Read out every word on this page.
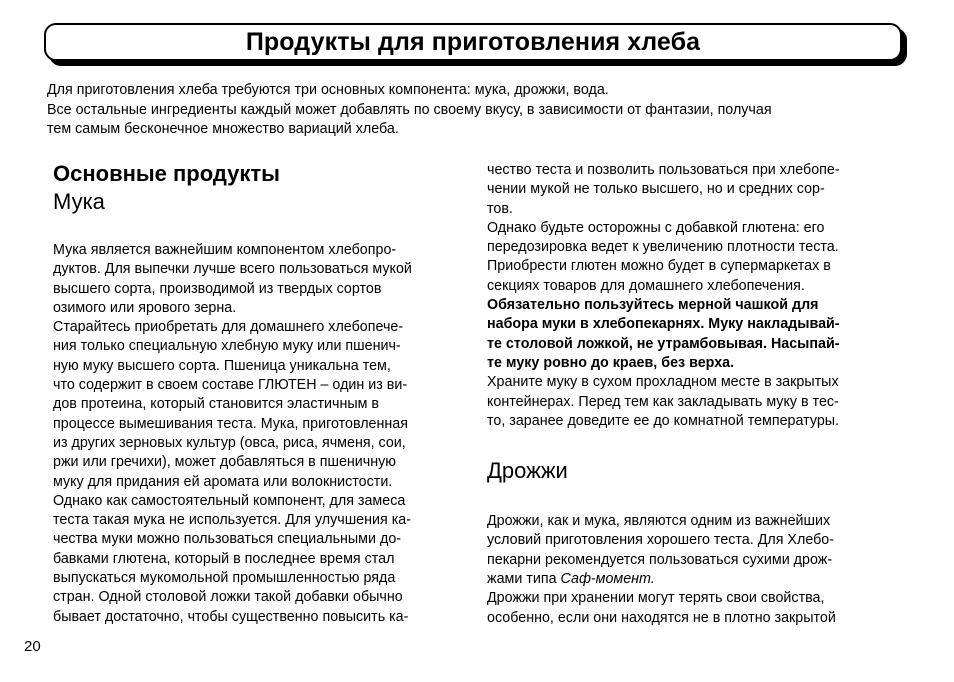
Продукты для приготовления хлеба

Для приготовления хлеба требуются три основных компонента: мука, дрожжи, вода.

Все остальные ингредиенты каждый может добавлять по своему вкусу, в зависимости от фантазии, получая

тем самым бесконечное множество вариаций хлеба.

Основные продукты
Мука

Мука является важнейшим компонентом хлебопро-

дуктов. Для выпечки лучше всего пользоваться мукой

высшего сорта, производимой из твердых сортов

озимого или ярового зерна.

Старайтесь приобретать для домашнего хлебопече-

ния только специальную хлебную муку или пшенич-

ную муку высшего сорта. Пшеница уникальна тем,

что содержит в своем составе ГЛЮТЕН – один из ви-

дов протеина, который становится эластичным в

процессе вымешивания теста. Мука, приготовленная

из других зерновых культур (овса, риса, ячменя, сои,

ржи или гречихи), может добавляться в пшеничную

муку для придания ей аромата или волокнистости.

Однако как самостоятельный компонент, для замеса

теста такая мука не используется. Для улучшения ка-

чества муки можно пользоваться специальными до-

бавками глютена, который в последнее время стал

выпускаться мукомольной промышленностью ряда

стран. Одной столовой ложки такой добавки обычно

бывает достаточно, чтобы существенно повысить ка-

чество теста и позволить пользоваться при хлебопе-

чении мукой не только высшего, но и средних сор-

тов.

Однако будьте осторожны с добавкой глютена: его

передозировка ведет к увеличению плотности теста.

Приобрести глютен можно будет в супермаркетах в

секциях товаров для домашнего хлебопечения.

Обязательно пользуйтесь мерной чашкой для

набора муки в хлебопекарнях. Муку накладывай-

те столовой ложкой, не утрамбовывая. Насыпай-

те муку ровно до краев, без верха.

Храните муку в сухом прохладном месте в закрытых

контейнерах. Перед тем как закладывать муку в тес-

то, заранее доведите ее до комнатной температуры.

Дрожжи

Дрожжи, как и мука, являются одним из важнейших

условий приготовления хорошего теста. Для Хлебо-

пекарни рекомендуется пользоваться сухими дрож-

жами типа Саф-момент.

Дрожжи при хранении могут терять свои свойства,

особенно, если они находятся не в плотно закрытой

20
